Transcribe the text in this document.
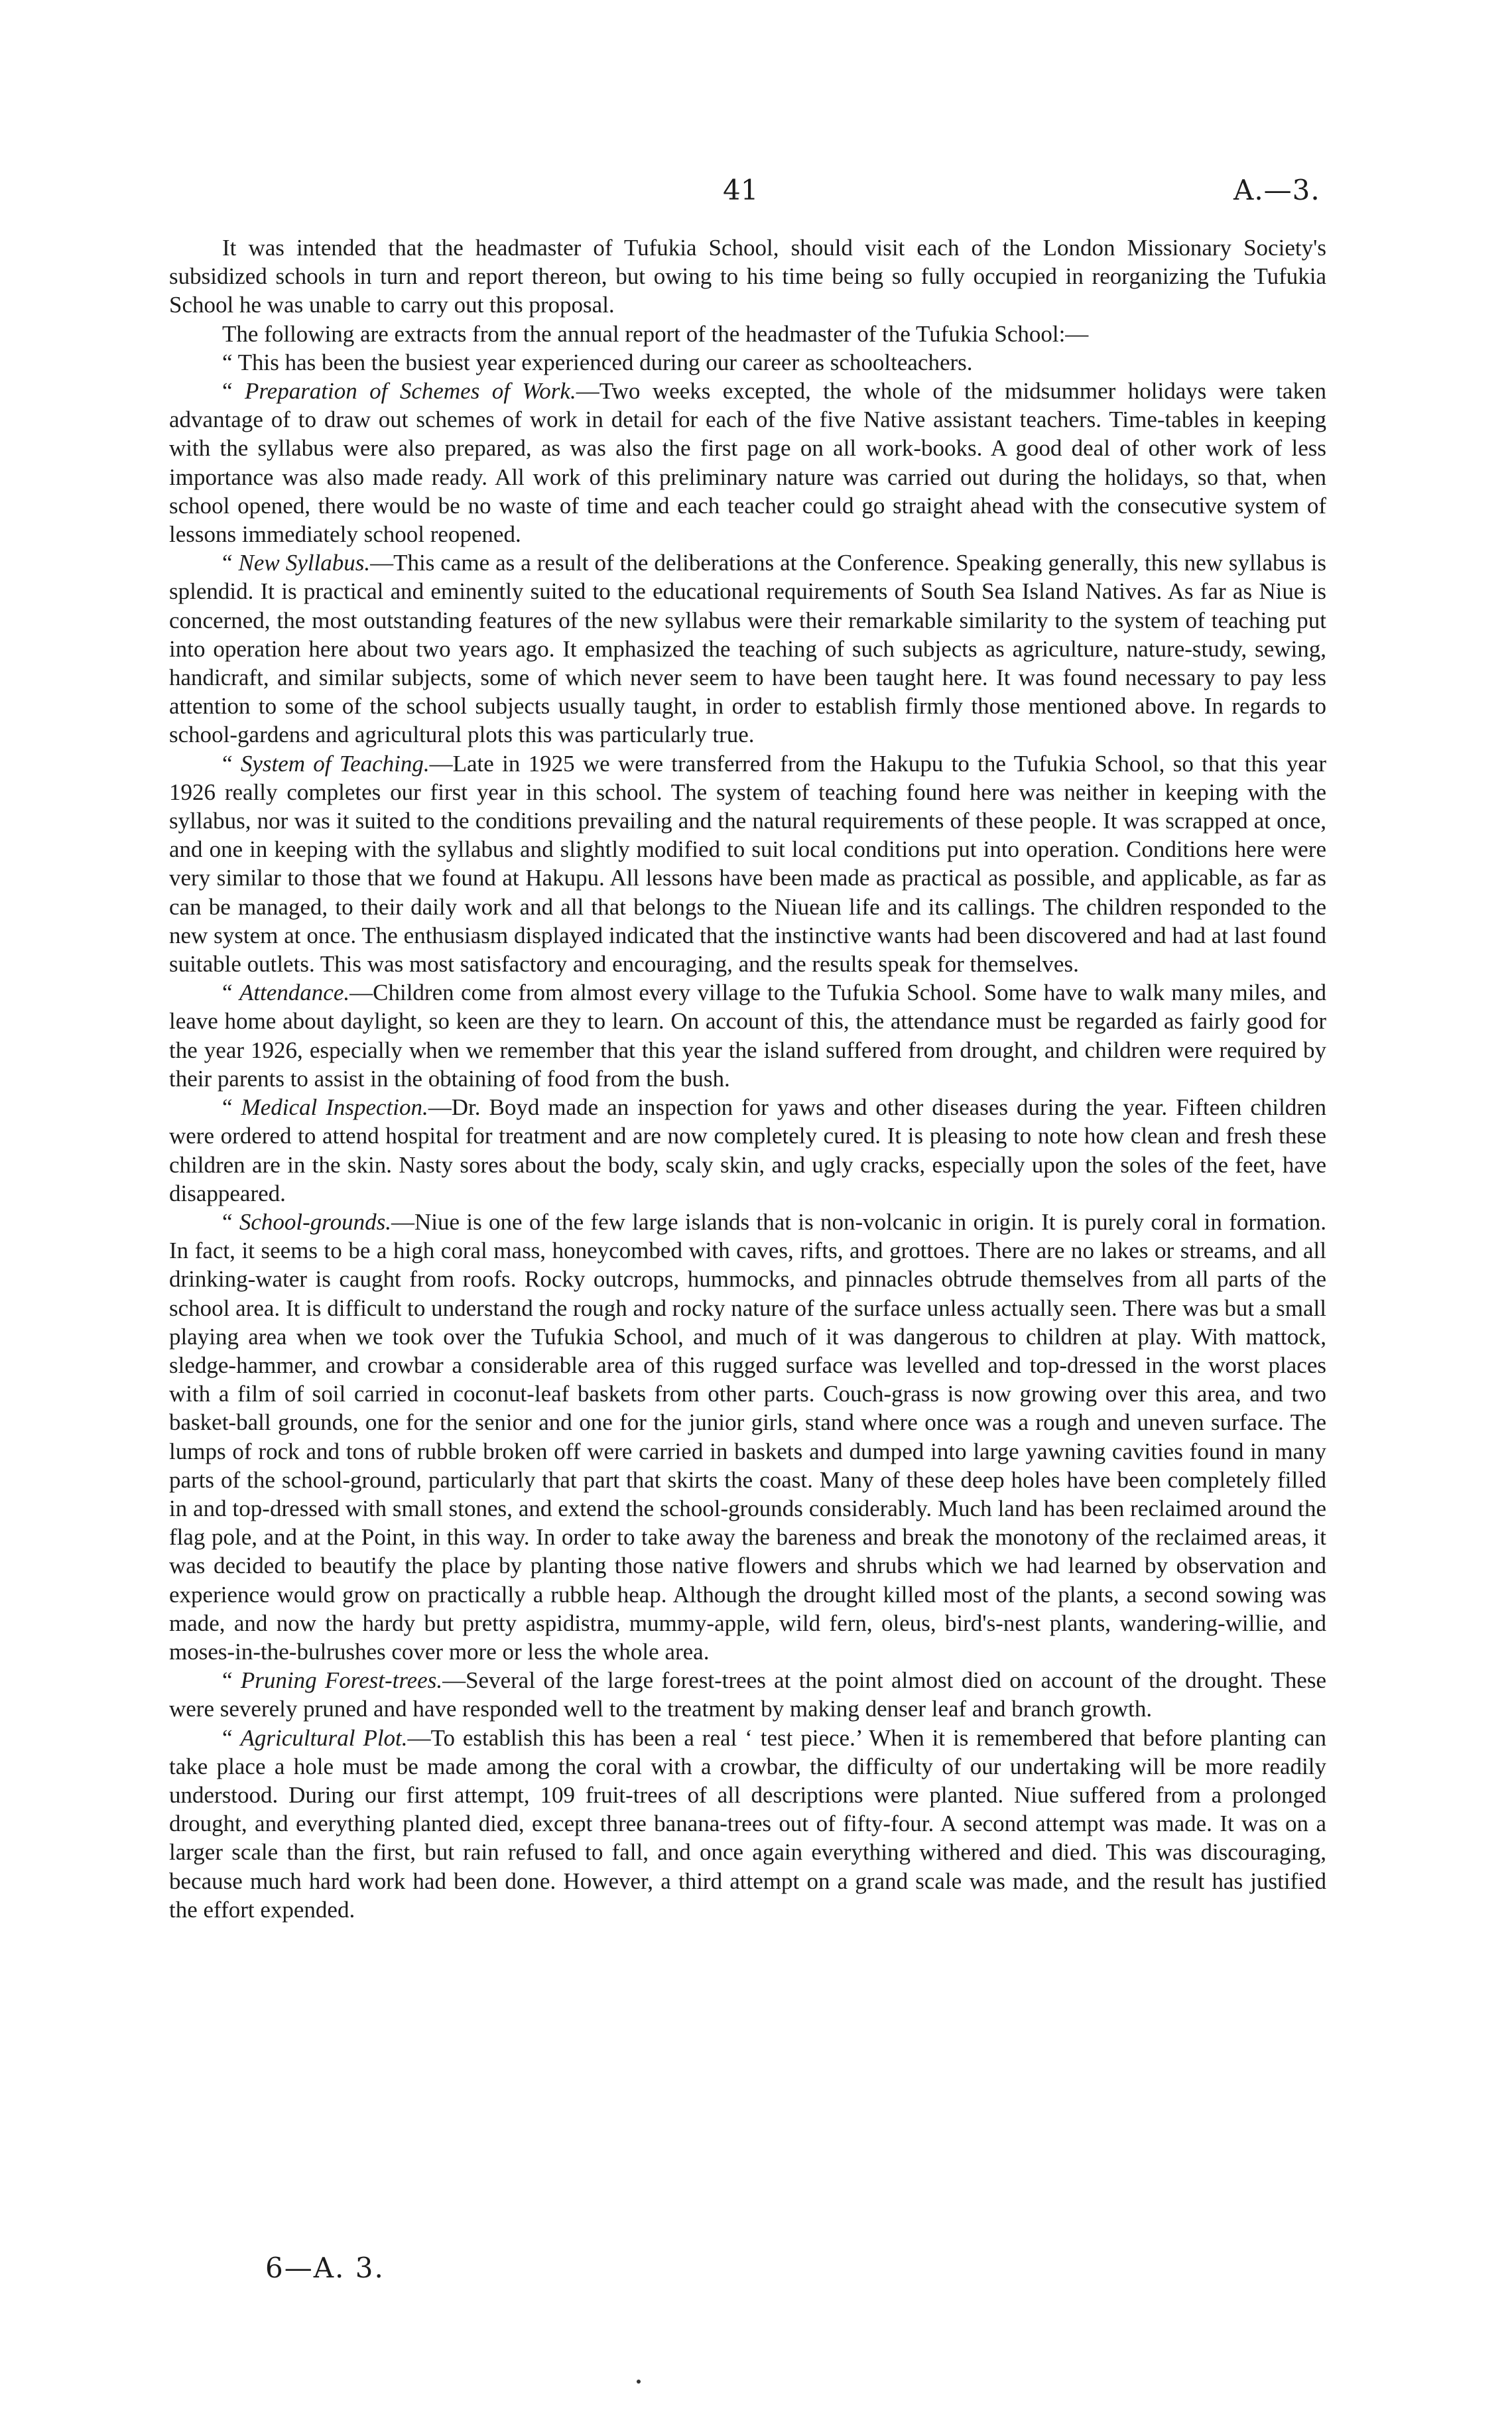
41	A.—3.

It was intended that the headmaster of Tufukia School, should visit each of the London Missionary Society's subsidized schools in turn and report thereon, but owing to his time being so fully occupied in reorganizing the Tufukia School he was unable to carry out this proposal.

The following are extracts from the annual report of the headmaster of the Tufukia School:—

“ This has been the busiest year experienced during our career as schoolteachers.

“ Preparation of Schemes of Work.—Two weeks excepted, the whole of the midsummer holidays were taken advantage of to draw out schemes of work in detail for each of the five Native assistant teachers. Time-tables in keeping with the syllabus were also prepared, as was also the first page on all work-books. A good deal of other work of less importance was also made ready. All work of this preliminary nature was carried out during the holidays, so that, when school opened, there would be no waste of time and each teacher could go straight ahead with the consecutive system of lessons immediately school reopened.

“ New Syllabus.—This came as a result of the deliberations at the Conference. Speaking generally, this new syllabus is splendid. It is practical and eminently suited to the educational requirements of South Sea Island Natives. As far as Niue is concerned, the most outstanding features of the new syllabus were their remarkable similarity to the system of teaching put into operation here about two years ago. It emphasized the teaching of such subjects as agriculture, nature-study, sewing, handicraft, and similar subjects, some of which never seem to have been taught here. It was found necessary to pay less attention to some of the school subjects usually taught, in order to establish firmly those mentioned above. In regards to school-gardens and agricultural plots this was particularly true.

“ System of Teaching.—Late in 1925 we were transferred from the Hakupu to the Tufukia School, so that this year 1926 really completes our first year in this school. The system of teaching found here was neither in keeping with the syllabus, nor was it suited to the conditions prevailing and the natural requirements of these people. It was scrapped at once, and one in keeping with the syllabus and slightly modified to suit local conditions put into operation. Conditions here were very similar to those that we found at Hakupu. All lessons have been made as practical as possible, and applicable, as far as can be managed, to their daily work and all that belongs to the Niuean life and its callings. The children responded to the new system at once. The enthusiasm displayed indicated that the instinctive wants had been discovered and had at last found suitable outlets. This was most satisfactory and encouraging, and the results speak for themselves.

“ Attendance.—Children come from almost every village to the Tufukia School. Some have to walk many miles, and leave home about daylight, so keen are they to learn. On account of this, the attendance must be regarded as fairly good for the year 1926, especially when we remember that this year the island suffered from drought, and children were required by their parents to assist in the obtaining of food from the bush.

“ Medical Inspection.—Dr. Boyd made an inspection for yaws and other diseases during the year. Fifteen children were ordered to attend hospital for treatment and are now completely cured. It is pleasing to note how clean and fresh these children are in the skin. Nasty sores about the body, scaly skin, and ugly cracks, especially upon the soles of the feet, have disappeared.

“ School-grounds.—Niue is one of the few large islands that is non-volcanic in origin. It is purely coral in formation. In fact, it seems to be a high coral mass, honeycombed with caves, rifts, and grottoes. There are no lakes or streams, and all drinking-water is caught from roofs. Rocky outcrops, hummocks, and pinnacles obtrude themselves from all parts of the school area. It is difficult to understand the rough and rocky nature of the surface unless actually seen. There was but a small playing area when we took over the Tufukia School, and much of it was dangerous to children at play. With mattock, sledge-hammer, and crowbar a considerable area of this rugged surface was levelled and top-dressed in the worst places with a film of soil carried in coconut-leaf baskets from other parts. Couch-grass is now growing over this area, and two basket-ball grounds, one for the senior and one for the junior girls, stand where once was a rough and uneven surface. The lumps of rock and tons of rubble broken off were carried in baskets and dumped into large yawning cavities found in many parts of the school-ground, particularly that part that skirts the coast. Many of these deep holes have been completely filled in and top-dressed with small stones, and extend the school-grounds considerably. Much land has been reclaimed around the flag pole, and at the Point, in this way. In order to take away the bareness and break the monotony of the reclaimed areas, it was decided to beautify the place by planting those native flowers and shrubs which we had learned by observation and experience would grow on practically a rubble heap. Although the drought killed most of the plants, a second sowing was made, and now the hardy but pretty aspidistra, mummy-apple, wild fern, oleus, bird's-nest plants, wandering-willie, and moses-in-the-bulrushes cover more or less the whole area.

“ Pruning Forest-trees.—Several of the large forest-trees at the point almost died on account of the drought. These were severely pruned and have responded well to the treatment by making denser leaf and branch growth.

“ Agricultural Plot.—To establish this has been a real ‘ test piece.’ When it is remembered that before planting can take place a hole must be made among the coral with a crowbar, the difficulty of our undertaking will be more readily understood. During our first attempt, 109 fruit-trees of all descriptions were planted. Niue suffered from a prolonged drought, and everything planted died, except three banana-trees out of fifty-four. A second attempt was made. It was on a larger scale than the first, but rain refused to fall, and once again everything withered and died. This was discouraging, because much hard work had been done. However, a third attempt on a grand scale was made, and the result has justified the effort expended.

6—A. 3.
